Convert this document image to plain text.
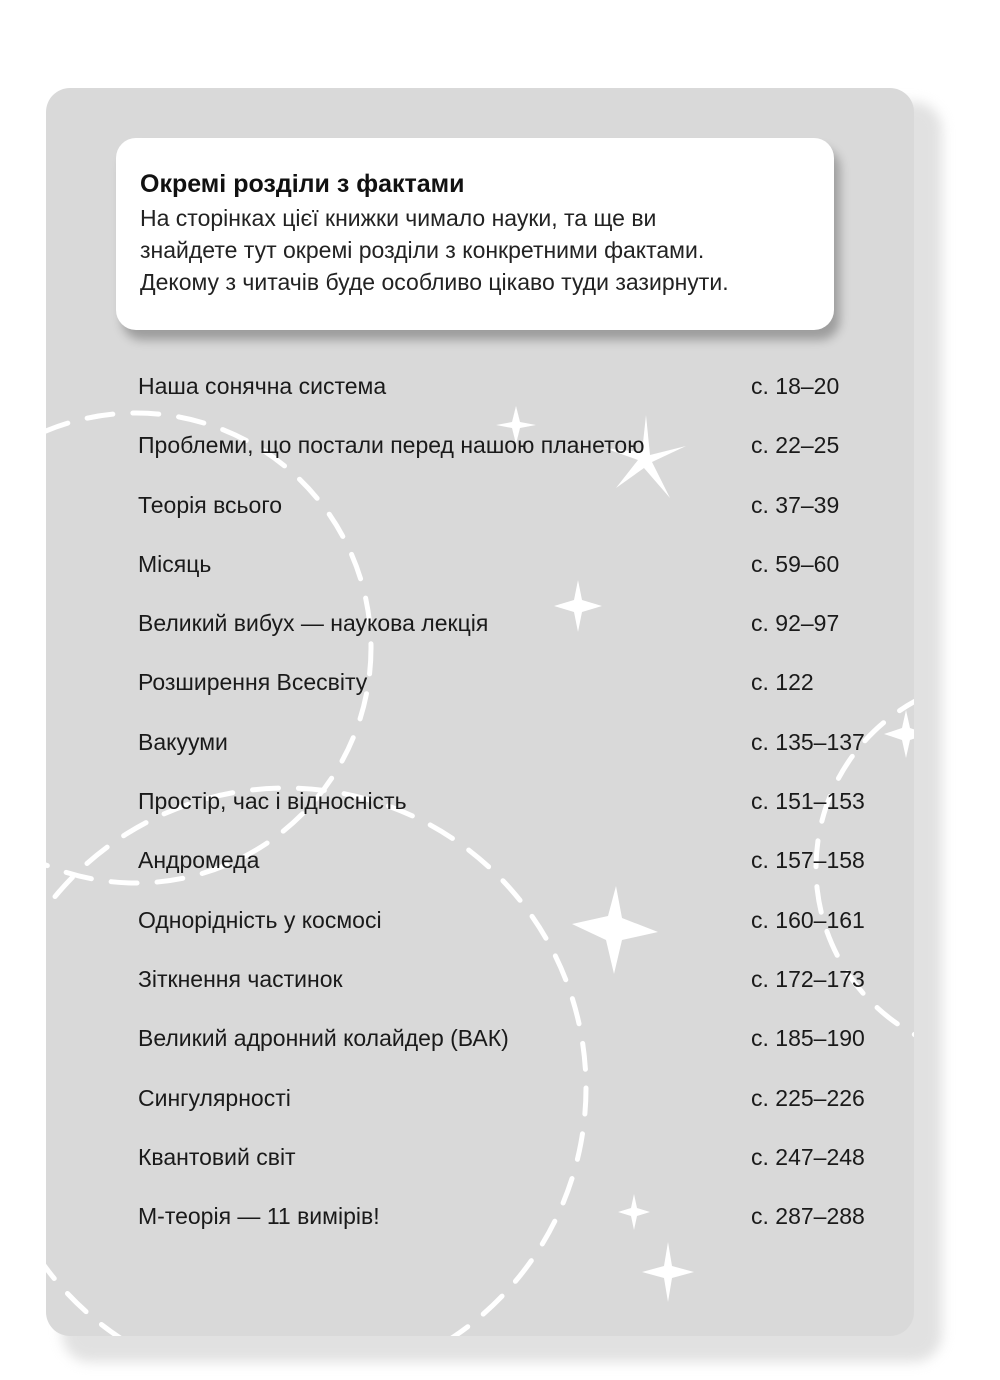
Окремі розділи з фактами

На сторінках цієї книжки чимало науки, та ще ви

знайдете тут окремі розділи з конкретними фактами.

Декому з читачів буде особливо цікаво туди зазирнути.

Наша сонячна система	с. 18–20
Проблеми, що постали перед нашою планетою	с. 22–25
Теорія всього	с. 37–39
Місяць	с. 59–60
Великий вибух — наукова лекція	с. 92–97
Розширення Всесвіту	с. 122
Вакууми	с. 135–137
Простір, час і відносність	с. 151–153
Андромеда	с. 157–158
Однорідність у космосі	с. 160–161
Зіткнення частинок	с. 172–173
Великий адронний колайдер (ВАК)	с. 185–190
Сингулярності	с. 225–226
Квантовий світ	с. 247–248
М-теорія — 11 вимірів!	с. 287–288
